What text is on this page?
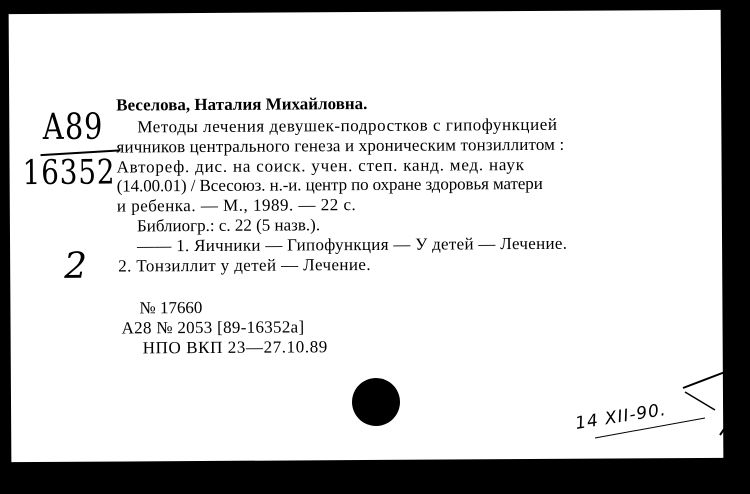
А89
16352
2
Веселова, Наталия Михайловна.
Методы лечения девушек-подростков с гипофункцией
яичников центрального генеза и хроническим тонзиллитом :
Автореф. дис. на соиск. учен. степ. канд. мед. наук
(14.00.01) / Всесоюз. н.-и. центр по охране здоровья матери
и ребенка. — М., 1989. — 22 с.
Библиогр.: с. 22 (5 назв.).
—— 1. Яичники — Гипофункция — У детей — Лечение.
2. Тонзиллит у детей — Лечение.
№ 17660
А28 № 2053 [89-16352а]
НПО ВКП 23—27.10.89
14 XII-90.
